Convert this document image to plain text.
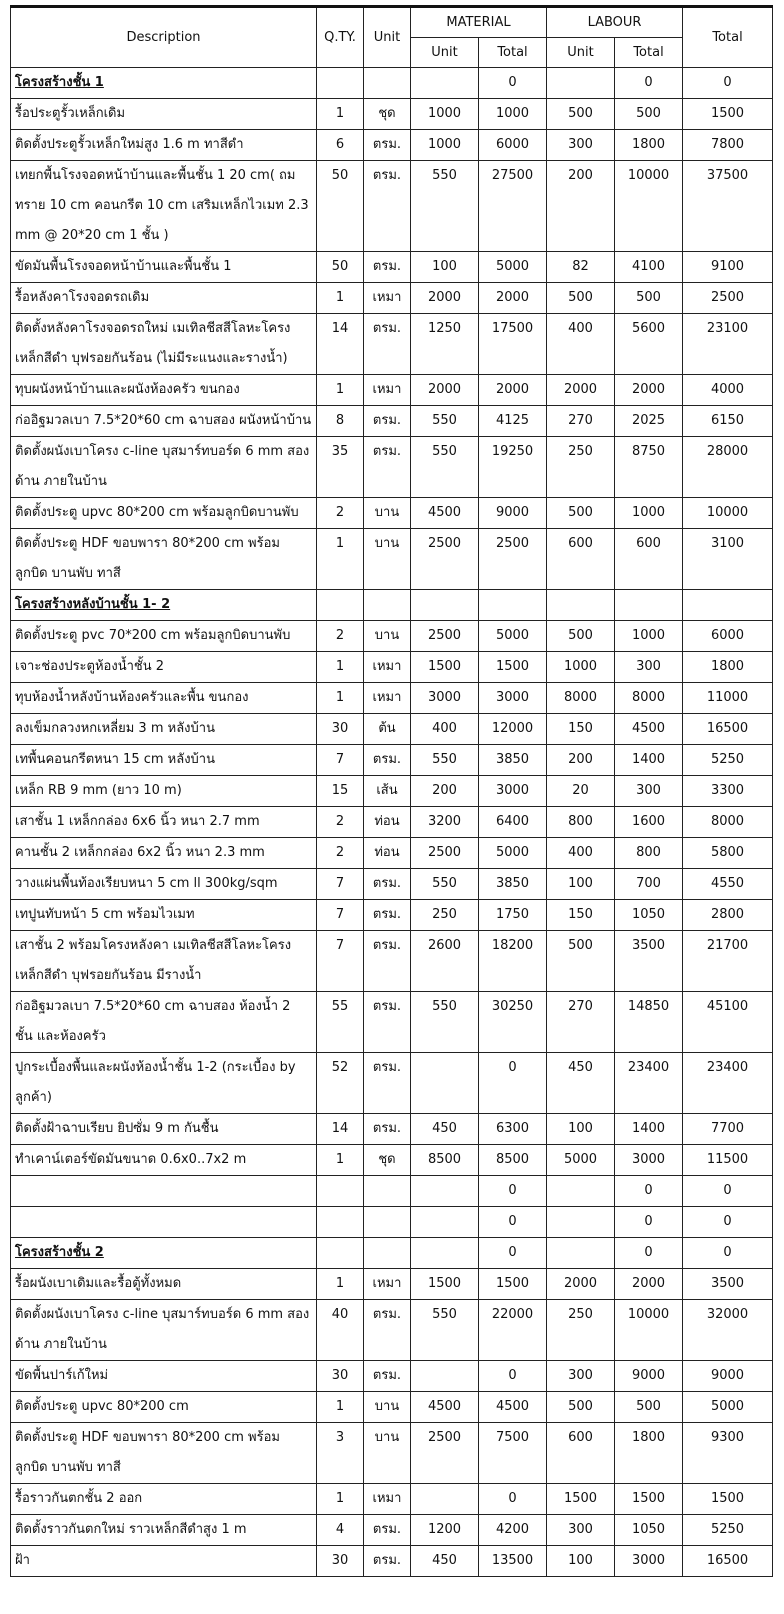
Description	Q.TY.	Unit	MATERIAL		LABOUR		Total
			Unit	Total	Unit	Total	
โครงสร้างชั้น 1				0		0	0
รื้อประตูรั้วเหล็กเดิม	1	ชุด	1000	1000	500	500	1500
ติดตั้งประตูรั้วเหล็กใหม่สูง 1.6 m ทาสีดำ	6	ตรม.	1000	6000	300	1800	7800
เทยกพื้นโรงจอดหน้าบ้านและพื้นชั้น 1 20 cm( ถม ทราย 10 cm คอนกรีต 10 cm เสริมเหล็กไวเมท 2.3 mm @ 20*20 cm 1 ชั้น )	50	ตรม.	550	27500	200	10000	37500
ขัดมันพื้นโรงจอดหน้าบ้านและพื้นชั้น 1	50	ตรม.	100	5000	82	4100	9100
รื้อหลังคาโรงจอดรถเดิม	1	เหมา	2000	2000	500	500	2500
ติดตั้งหลังคาโรงจอดรถใหม่ เมเทิลชีสสีโลหะโครง เหล็กสีดำ บุฟรอยกันร้อน (ไม่มีระแนงและรางน้ำ)	14	ตรม.	1250	17500	400	5600	23100
ทุบผนังหน้าบ้านและผนังห้องครัว ขนกอง	1	เหมา	2000	2000	2000	2000	4000
ก่ออิฐมวลเบา 7.5*20*60 cm ฉาบสอง ผนังหน้าบ้าน	8	ตรม.	550	4125	270	2025	6150
ติดตั้งผนังเบาโครง c-line บุสมาร์ทบอร์ด 6 mm สอง ด้าน ภายในบ้าน	35	ตรม.	550	19250	250	8750	28000
ติดตั้งประตู upvc 80*200 cm พร้อมลูกบิดบานพับ	2	บาน	4500	9000	500	1000	10000
ติดตั้งประตู HDF ขอบพารา 80*200 cm พร้อมลูกบิด บานพับ ทาสี	1	บาน	2500	2500	600	600	3100
โครงสร้างหลังบ้านชั้น 1- 2							
ติดตั้งประตู pvc 70*200 cm พร้อมลูกบิดบานพับ	2	บาน	2500	5000	500	1000	6000
เจาะช่องประตูห้องน้ำชั้น 2	1	เหมา	1500	1500	1000	300	1800
ทุบห้องน้ำหลังบ้านห้องครัวและพื้น ขนกอง	1	เหมา	3000	3000	8000	8000	11000
ลงเข็มกลวงหกเหลี่ยม 3 m หลังบ้าน	30	ต้น	400	12000	150	4500	16500
เทพื้นคอนกรีตหนา 15 cm หลังบ้าน	7	ตรม.	550	3850	200	1400	5250
เหล็ก RB 9 mm (ยาว 10 m)	15	เส้น	200	3000	20	300	3300
เสาชั้น 1 เหล็กกล่อง 6x6 นิ้ว หนา 2.7 mm	2	ท่อน	3200	6400	800	1600	8000
คานชั้น 2 เหล็กกล่อง 6x2 นิ้ว หนา 2.3 mm	2	ท่อน	2500	5000	400	800	5800
วางแผ่นพื้นท้องเรียบหนา 5 cm ll 300kg/sqm	7	ตรม.	550	3850	100	700	4550
เทปูนทับหน้า 5 cm พร้อมไวเมท	7	ตรม.	250	1750	150	1050	2800
เสาชั้น 2 พร้อมโครงหลังคา เมเทิลชีสสีโลหะโครง เหล็กสีดำ บุฟรอยกันร้อน มีรางน้ำ	7	ตรม.	2600	18200	500	3500	21700
ก่ออิฐมวลเบา 7.5*20*60 cm ฉาบสอง ห้องน้ำ 2 ชั้น และห้องครัว	55	ตรม.	550	30250	270	14850	45100
ปูกระเบื้องพื้นและผนังห้องน้ำชั้น 1-2 (กระเบื้อง by ลูกค้า)	52	ตรม.		0	450	23400	23400
ติดตั้งฝ้าฉาบเรียบ ยิปซั่ม 9 m กันชื้น	14	ตรม.	450	6300	100	1400	7700
ทำเคาน์เตอร์ขัดมันขนาด 0.6x0..7x2 m	1	ชุด	8500	8500	5000	3000	11500
				0		0	0
				0		0	0
โครงสร้างชั้น 2				0		0	0
รื้อผนังเบาเดิมและรื้อตู้ทั้งหมด	1	เหมา	1500	1500	2000	2000	3500
ติดตั้งผนังเบาโครง c-line บุสมาร์ทบอร์ด 6 mm สอง ด้าน ภายในบ้าน	40	ตรม.	550	22000	250	10000	32000
ขัดพื้นปาร์เก้ใหม่	30	ตรม.		0	300	9000	9000
ติดตั้งประตู upvc 80*200 cm	1	บาน	4500	4500	500	500	5000
ติดตั้งประตู HDF ขอบพารา 80*200 cm พร้อมลูกบิด บานพับ ทาสี	3	บาน	2500	7500	600	1800	9300
รื้อราวกันตกชั้น 2 ออก	1	เหมา		0	1500	1500	1500
ติดตั้งราวกันตกใหม่ ราวเหล็กสีดำสูง 1 m	4	ตรม.	1200	4200	300	1050	5250
ฝ้า	30	ตรม.	450	13500	100	3000	16500
